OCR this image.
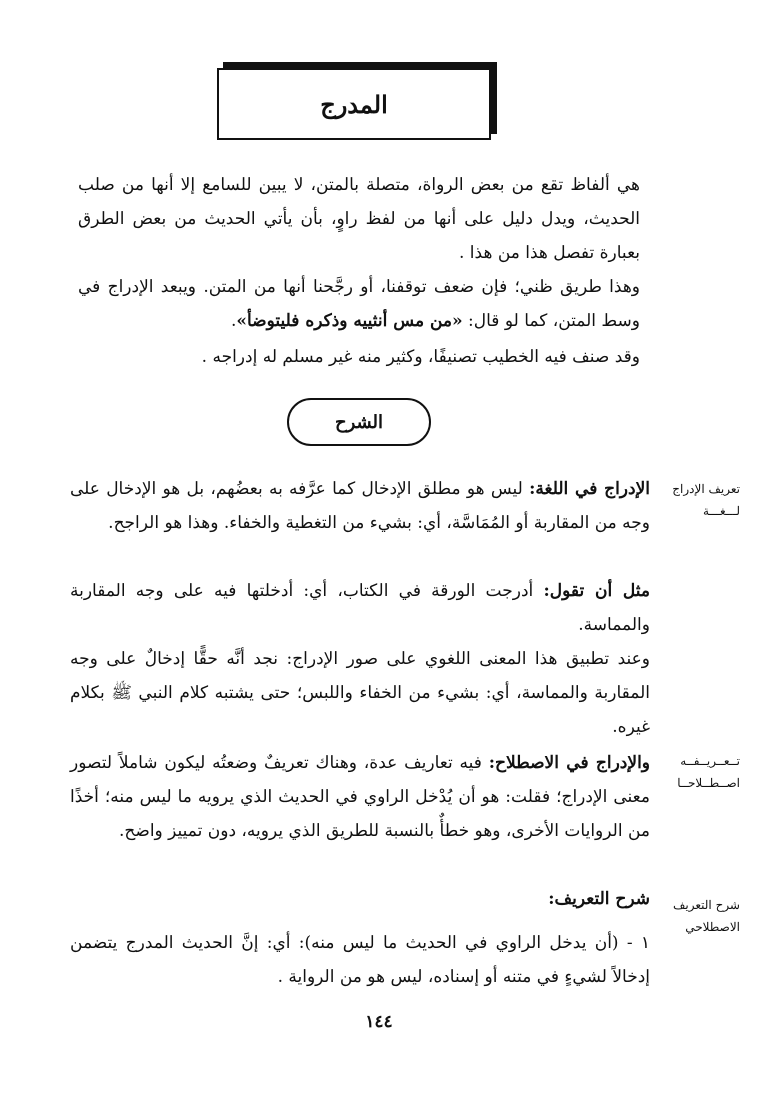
المدرج
هي ألفاظ تقع من بعض الرواة، متصلة بالمتن، لا يبين للسامع إلا أنها من صلب الحديث، ويدل دليل على أنها من لفظ راوٍ، بأن يأتي الحديث من بعض الطرق بعبارة تفصل هذا من هذا .
وهذا طريق ظني؛ فإن ضعف توقفنا، أو رجَّحنا أنها من المتن. ويبعد الإدراج في وسط المتن، كما لو قال: «من مس أنثييه وذكره فليتوضأ».
وقد صنف فيه الخطيب تصنيفًا، وكثير منه غير مسلم له إدراجه .
الشرح
الإدراج في اللغة: ليس هو مطلق الإدخال كما عرَّفه به بعضُهم، بل هو الإدخال على وجه من المقاربة أو المُمَاسَّة، أي: بشيء من التغطية والخفاء. وهذا هو الراجح.
مثل أن تقول: أدرجت الورقة في الكتاب، أي: أدخلتها فيه على وجه المقاربة والمماسة.
وعند تطبيق هذا المعنى اللغوي على صور الإدراج: نجد أنَّه حقًّا إدخالٌ على وجه المقاربة والمماسة، أي: بشيء من الخفاء واللبس؛ حتى يشتبه كلام النبي ﷺ بكلام غيره.
والإدراج في الاصطلاح: فيه تعاريف عدة، وهناك تعريفٌ وضعتُه ليكون شاملاً لتصور معنى الإدراج؛ فقلت: هو أن يُدْخل الراوي في الحديث الذي يرويه ما ليس منه؛ أخذًا من الروايات الأخرى، وهو خطأٌ بالنسبة للطريق الذي يرويه، دون تمييز واضح.
شرح التعريف:
١ - (أن يدخل الراوي في الحديث ما ليس منه): أي: إنَّ الحديث المدرج يتضمن إدخالاً لشيءٍ في متنه أو إسناده، ليس هو من الرواية .
تعريف الإدراج
لـــغـــة
تــعــريــفــه
اصــطــلاحــا
شرح التعريف
الاصطلاحي
١٤٤
